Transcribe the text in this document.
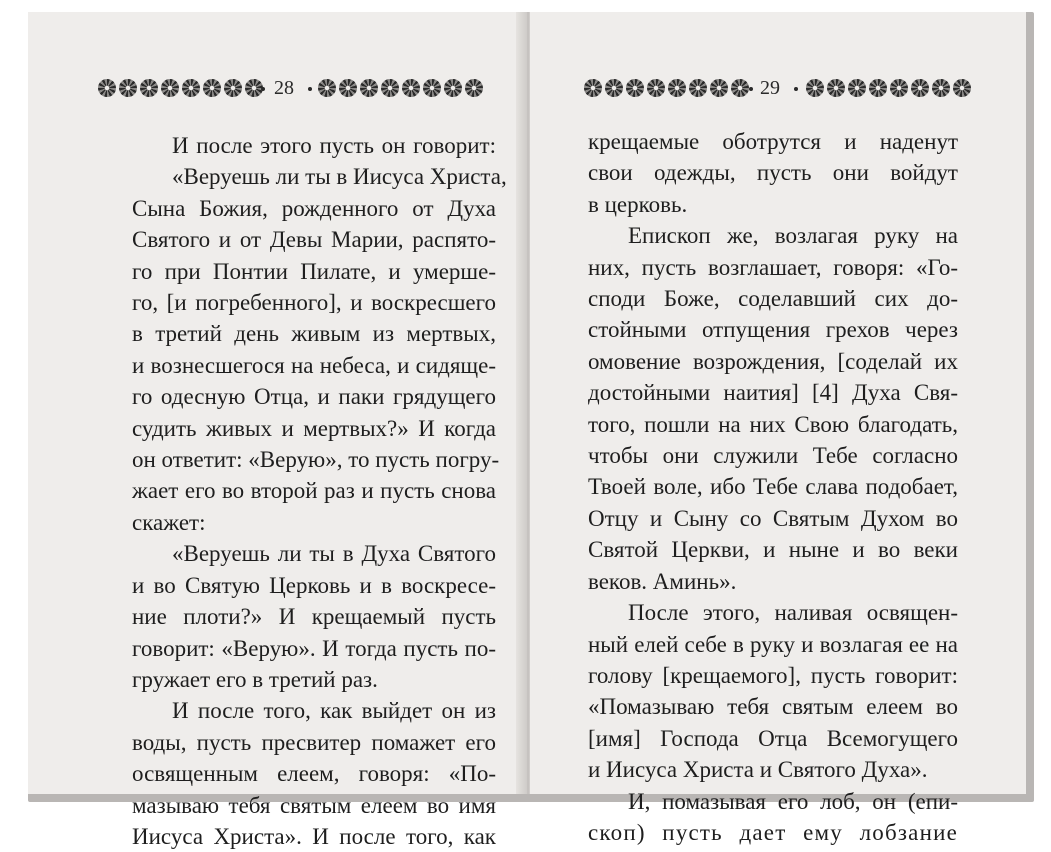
28
И после этого пусть он говорит:
«Веруешь ли ты в Иисуса Христа,
Сына Божия, рожденного от Духа
Святого и от Девы Марии, распято-
го при Понтии Пилате, и умерше-
го, [и погребенного], и воскресшего
в третий день живым из мертвых,
и вознесшегося на небеса, и сидяще-
го одесную Отца, и паки грядущего
судить живых и мертвых?» И когда
он ответит: «Верую», то пусть погру-
жает его во второй раз и пусть снова
скажет:
«Веруешь ли ты в Духа Святого
и во Святую Церковь и в воскресе-
ние плоти?» И крещаемый пусть
говорит: «Верую». И тогда пусть по-
гружает его в третий раз.
И после того, как выйдет он из
воды, пусть пресвитер помажет его
освященным елеем, говоря: «По-
мазываю тебя святым елеем во имя
Иисуса Христа». И после того, как
29
крещаемые оботрутся и наденут
свои одежды, пусть они войдут
в церковь.
Епископ же, возлагая руку на
них, пусть возглашает, говоря: «Го-
споди Боже, соделавший сих до-
стойными отпущения грехов через
омовение возрождения, [соделай их
достойными наития] [4] Духа Свя-
того, пошли на них Свою благодать,
чтобы они служили Тебе согласно
Твоей воле, ибо Тебе слава подобает,
Отцу и Сыну со Святым Духом во
Святой Церкви, и ныне и во веки
веков. Аминь».
После этого, наливая освящен-
ный елей себе в руку и возлагая ее на
голову [крещаемого], пусть говорит:
«Помазываю тебя святым елеем во
[имя] Господа Отца Всемогущего
и Иисуса Христа и Святого Духа».
И, помазывая его лоб, он (епи-
скоп) пусть дает ему лобзание
